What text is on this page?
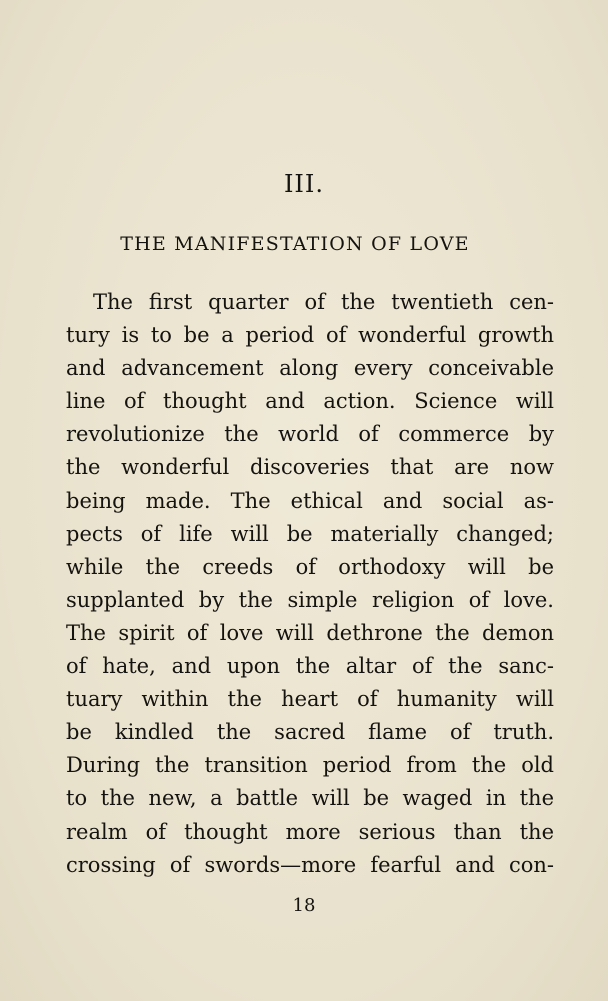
III.
THE MANIFESTATION OF LOVE
The first quarter of the twentieth cen-
tury is to be a period of wonderful growth
and advancement along every conceivable
line of thought and action. Science will
revolutionize the world of commerce by
the wonderful discoveries that are now
being made. The ethical and social as-
pects of life will be materially changed;
while the creeds of orthodoxy will be
supplanted by the simple religion of love.
The spirit of love will dethrone the demon
of hate, and upon the altar of the sanc-
tuary within the heart of humanity will
be kindled the sacred flame of truth.
During the transition period from the old
to the new, a battle will be waged in the
realm of thought more serious than the
crossing of swords—more fearful and con-
18
